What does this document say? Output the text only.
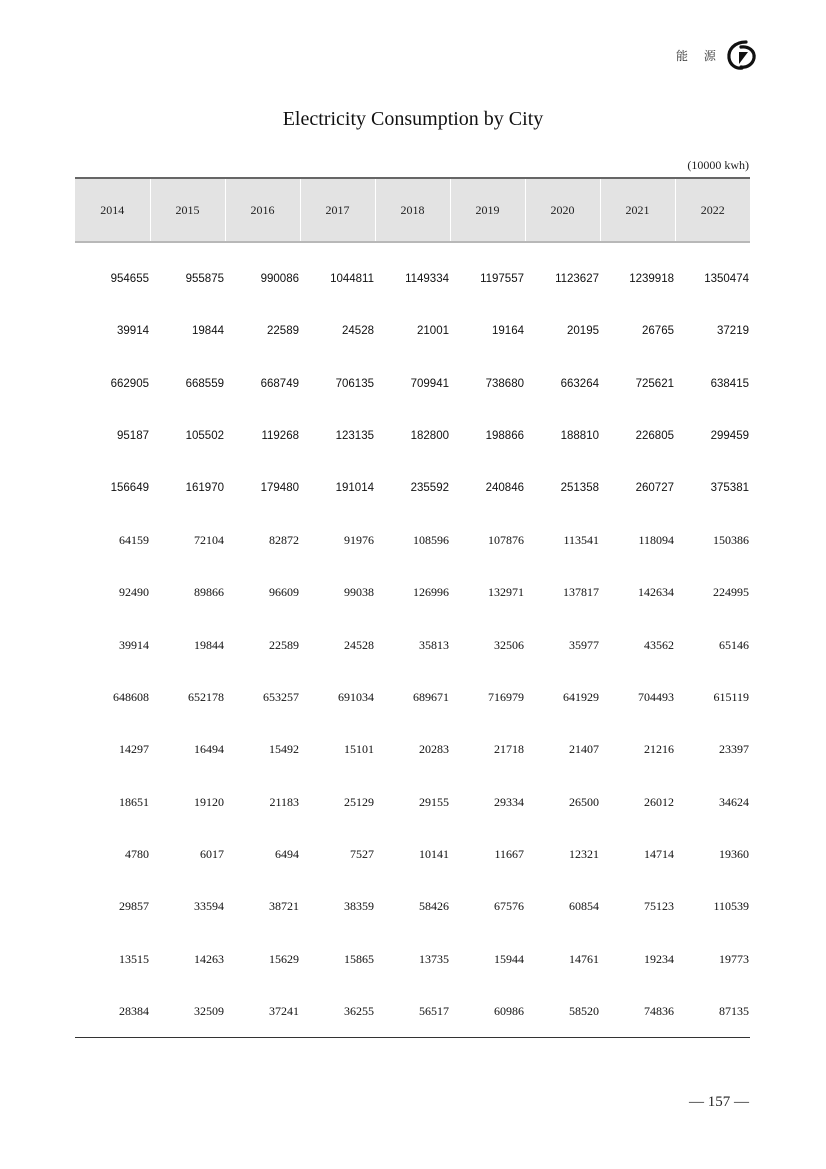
能 源
Electricity Consumption by City
(10000 kwh)
2014	2015	2016	2017	2018	2019	2020	2021	2022
954655	955875	990086	1044811	1149334	1197557	1123627	1239918	1350474
39914	19844	22589	24528	21001	19164	20195	26765	37219
662905	668559	668749	706135	709941	738680	663264	725621	638415
95187	105502	119268	123135	182800	198866	188810	226805	299459
156649	161970	179480	191014	235592	240846	251358	260727	375381
64159	72104	82872	91976	108596	107876	113541	118094	150386
92490	89866	96609	99038	126996	132971	137817	142634	224995
39914	19844	22589	24528	35813	32506	35977	43562	65146
648608	652178	653257	691034	689671	716979	641929	704493	615119
14297	16494	15492	15101	20283	21718	21407	21216	23397
18651	19120	21183	25129	29155	29334	26500	26012	34624
4780	6017	6494	7527	10141	11667	12321	14714	19360
29857	33594	38721	38359	58426	67576	60854	75123	110539
13515	14263	15629	15865	13735	15944	14761	19234	19773
28384	32509	37241	36255	56517	60986	58520	74836	87135
— 157 —
